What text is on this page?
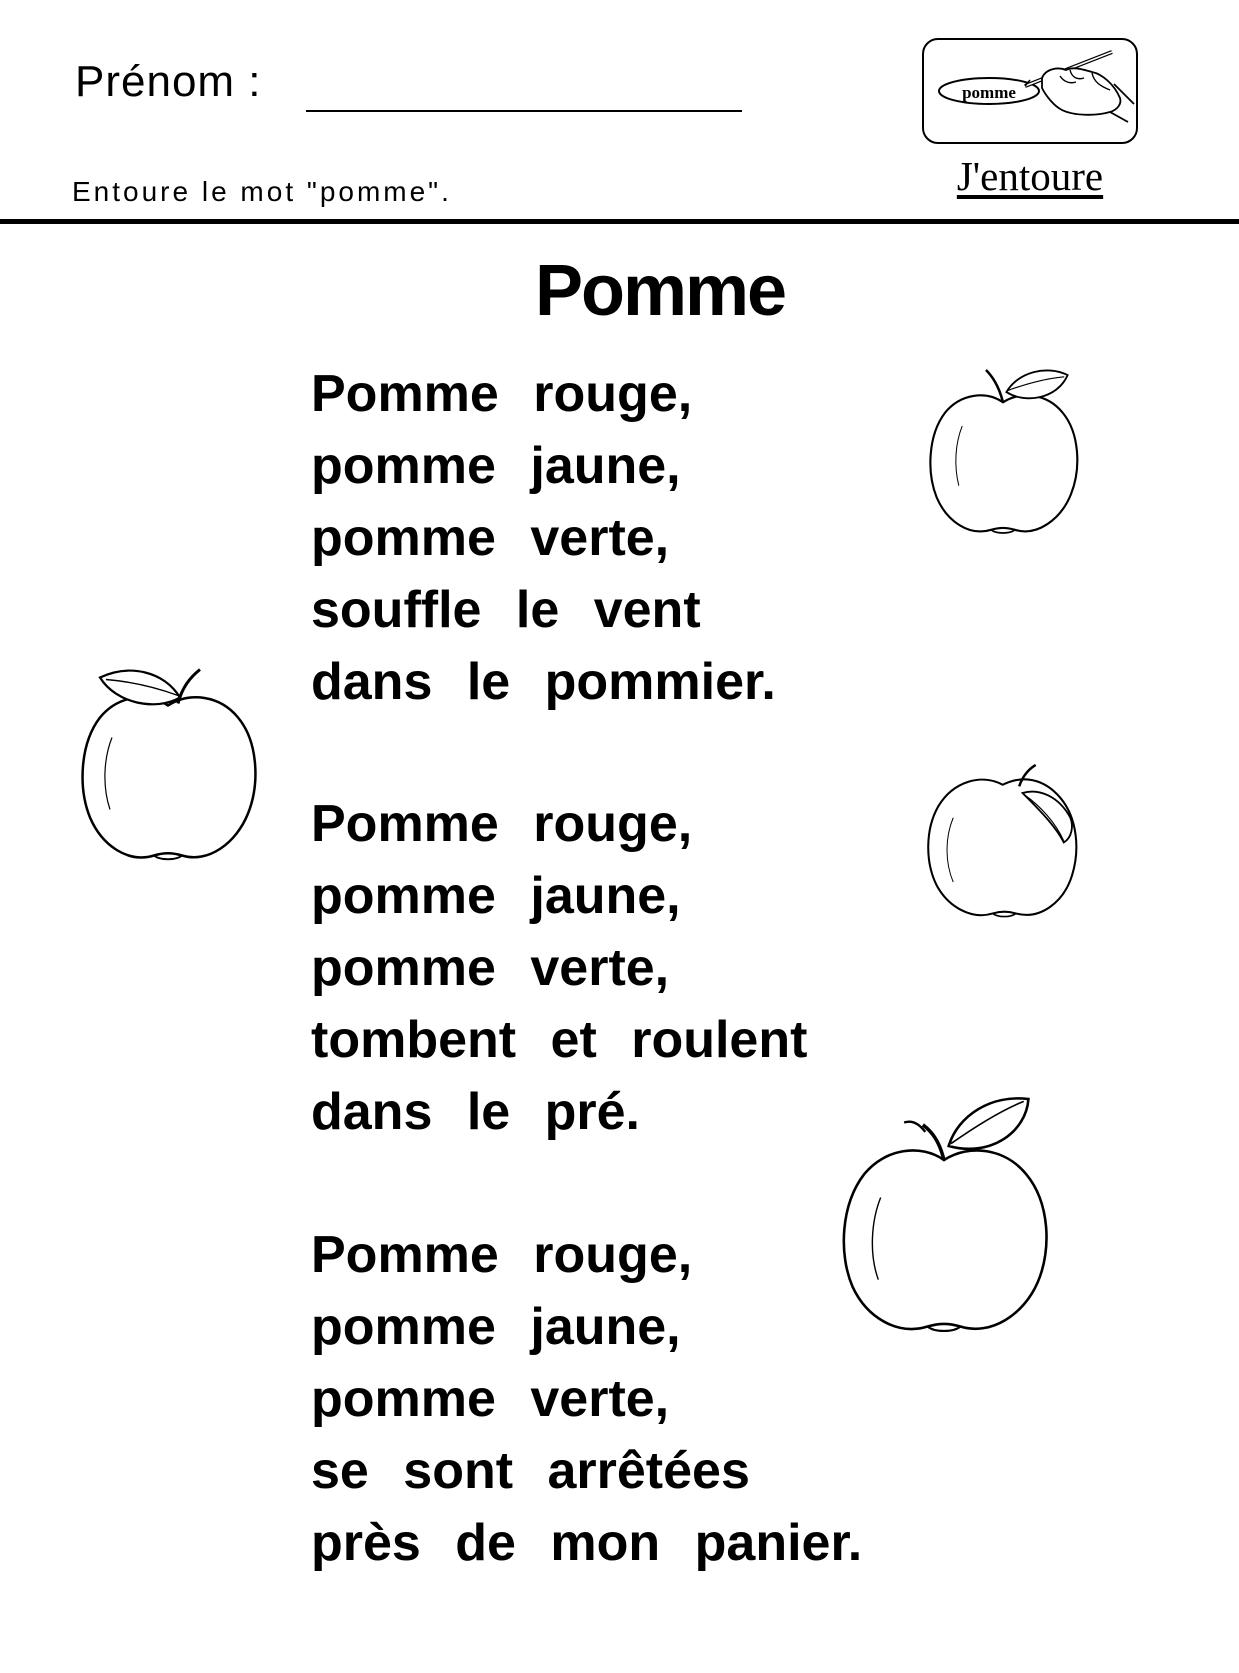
Prénom :
Entoure le mot "pomme".
pomme
J'entoure
Pomme
Pomme rouge,
pomme jaune,
pomme verte,
souffle le vent
dans le pommier.
Pomme rouge,
pomme jaune,
pomme verte,
tombent et roulent
dans le pré.
Pomme rouge,
pomme jaune,
pomme verte,
se sont arrêtées
près de mon panier.
